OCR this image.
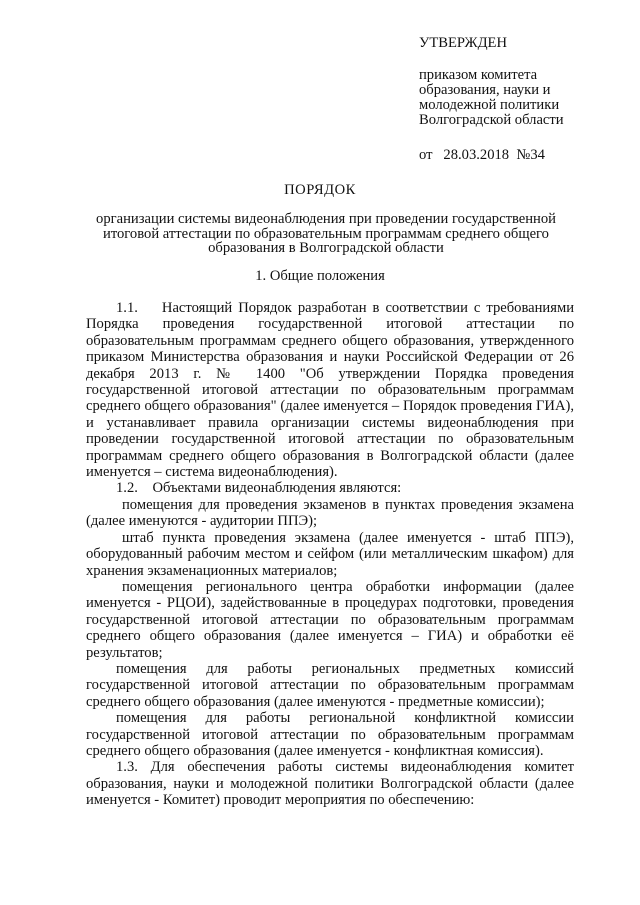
УТВЕРЖДЕН

приказом комитета образования, науки и молодежной политики Волгоградской области

от   28.03.2018  №34

ПОРЯДОК

организации системы видеонаблюдения при проведении государственной итоговой аттестации по образовательным программам среднего общего образования в Волгоградской области

1. Общие положения

1.1.    Настоящий Порядок разработан в соответствии с требованиями Порядка проведения государственной итоговой аттестации по образовательным программам среднего общего образования, утвержденного приказом Министерства образования и науки Российской Федерации от 26 декабря 2013 г. № 1400 "Об утверждении Порядка проведения государственной итоговой аттестации по образовательным программам среднего общего образования" (далее именуется – Порядок проведения ГИА), и устанавливает правила организации системы видеонаблюдения при проведении государственной итоговой аттестации по образовательным программам среднего общего образования в Волгоградской области (далее именуется – система видеонаблюдения).

1.2.    Объектами видеонаблюдения являются:

помещения для проведения экзаменов в пунктах проведения экзамена (далее именуются - аудитории ППЭ);

штаб пункта проведения экзамена (далее именуется - штаб ППЭ), оборудованный рабочим местом и сейфом (или металлическим шкафом) для хранения экзаменационных материалов;

помещения регионального центра обработки информации (далее именуется - РЦОИ), задействованные в процедурах подготовки, проведения государственной итоговой аттестации по образовательным программам среднего общего образования (далее именуется – ГИА) и обработки её результатов;

помещения для работы региональных предметных комиссий государственной итоговой аттестации по образовательным программам среднего общего образования (далее именуются - предметные комиссии);

помещения для работы региональной конфликтной комиссии государственной итоговой аттестации по образовательным программам среднего общего образования (далее именуется - конфликтная комиссия).

1.3. Для обеспечения работы системы видеонаблюдения комитет образования, науки и молодежной политики Волгоградской области (далее именуется - Комитет) проводит мероприятия по обеспечению:
